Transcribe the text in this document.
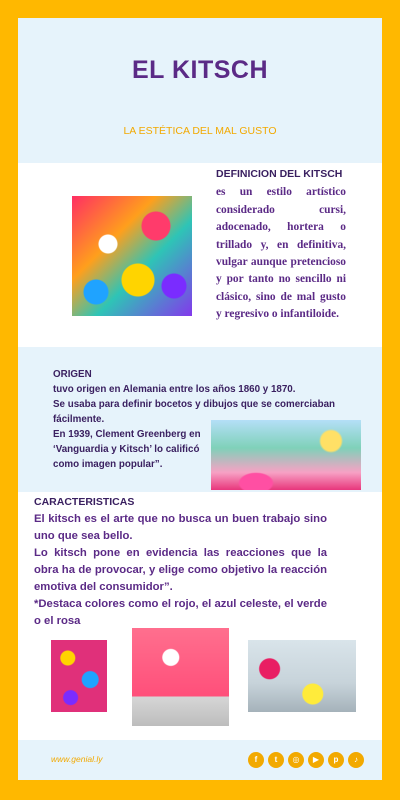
EL KITSCH
LA ESTÉTICA DEL MAL GUSTO
DEFINICION DEL KITSCH
es un estilo artístico considerado cursi, adocenado, hortera o trillado y, en definitiva, vulgar aunque pretencioso y por tanto no sencillo ni clásico, sino de mal gusto y regresivo o infantiloide.
ORIGEN
tuvo origen en Alemania entre los años 1860 y 1870.
Se usaba para definir bocetos y dibujos que se comerciaban fácilmente.
En 1939, Clement Greenberg en
‘Vanguardia y Kitsch’ lo calificó
como imagen popular”.
CARACTERISTICAS

El kitsch es el arte que no busca un buen trabajo sino uno que sea bello.

Lo kitsch pone en evidencia las reacciones que la obra ha de provocar, y elige como objetivo la reacción emotiva del consumidor”.

*Destaca colores como el rojo, el azul celeste, el verde o el rosa

www.genial.ly	f	t	◎	▶	p	♪
